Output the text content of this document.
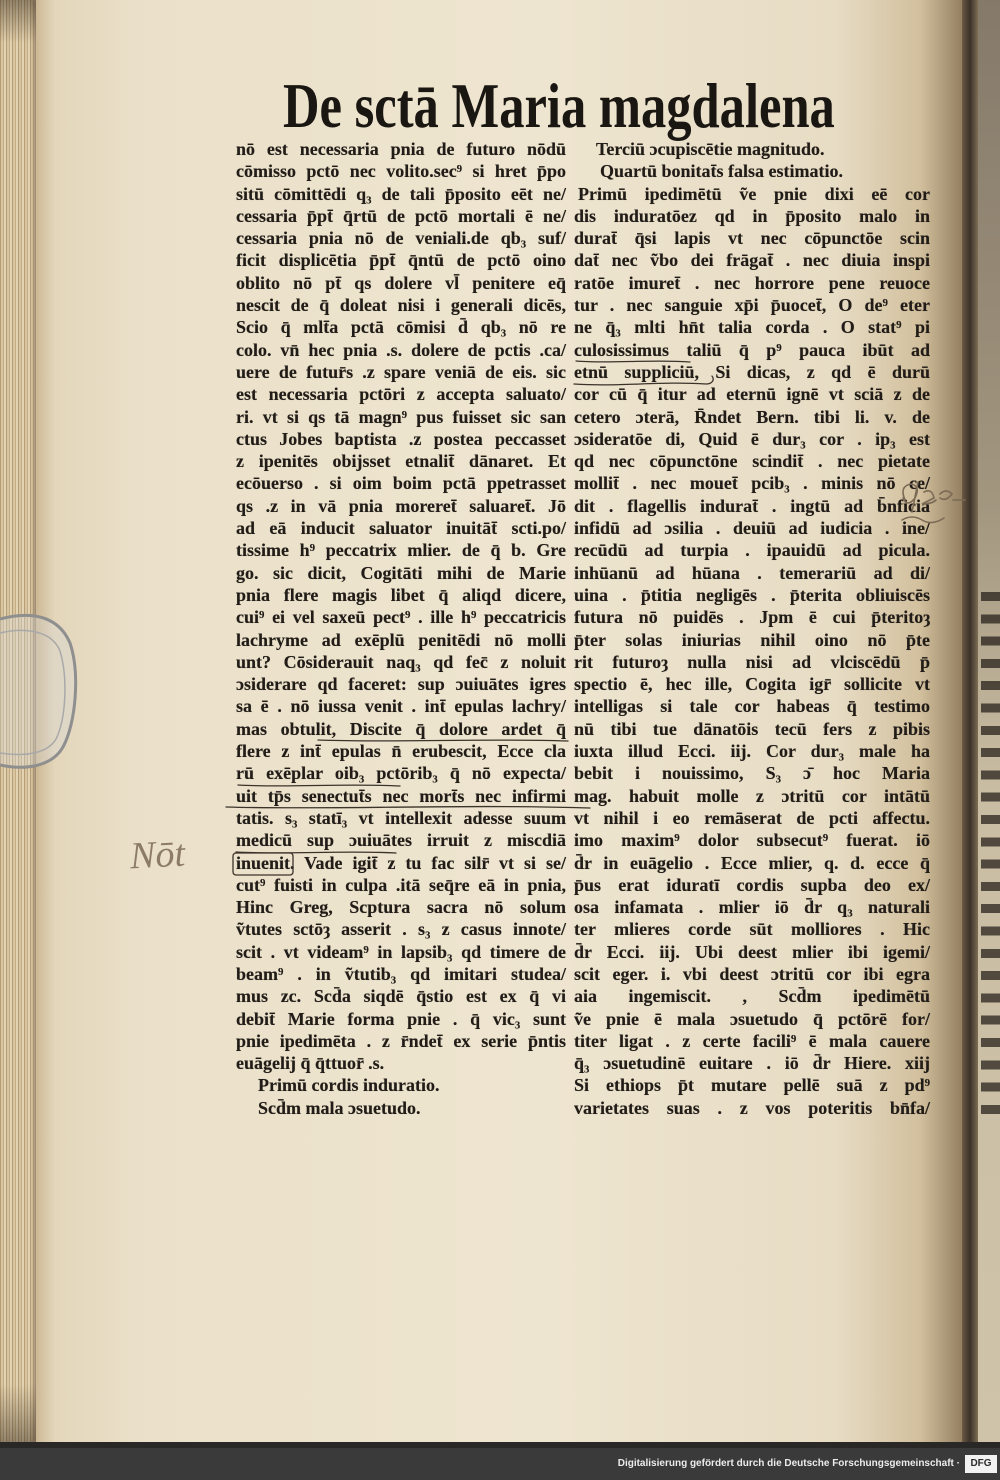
De sctā Maria magdalena
nō est necessaria pnia de futuro nōdū
cōmisso pctō nec volito.sec⁹ si hret p̄po
sitū cōmittēdi q₃ de tali p̄posito eēt ne/
cessaria p̄pt̄ q̄rtū de pctō mortali ē ne/
cessaria pnia nō de veniali.de qb₃ suf/
ficit displicētia p̄pt̄ q̄ntū de pctō oino
oblito nō pt̄ qs dolere vl̄ penitere eq̄
nescit de q̄ doleat nisi i generali dicēs,
Scio q̄ mlt̄a pctā cōmisi d̄ qb₃ nō re
colo. vn̄ hec pnia .s. dolere de pctis .ca/
uere de futur̄s .z spare veniā de eis. sic
est necessaria pctōri z accepta saluato/
ri. vt si qs tā magn⁹ pus fuisset sic san
ctus Jobes baptista .z postea peccasset
z ipenitēs obijsset etnalit̄ dānaret. Et
ecōuerso . si oim boim pctā ppetrasset
qs .z in vā pnia moreret̄ saluaret̄. Jō
ad eā inducit saluator inuitāt̄ scti.po/
tissime h⁹ peccatrix mlier. de q̄ b. Gre
go. sic dicit, Cogitāti mihi de Marie
pnia flere magis libet q̄ aliqd dicere,
cui⁹ ei vel saxeū pect⁹ . ille h⁹ peccatricis
lachryme ad exēplū penitēdi nō molli
unt? Cōsiderauit naq₃ qd fec̄ z noluit
ɔsiderare qd faceret: sup ɔuiuātes igres
sa ē . nō iussa venit . int̄ epulas lachry/
mas obtulit, Discite q̄ dolore ardet q̄
flere z int̄ epulas n̄ erubescit, Ecce cla
rū exēplar oib₃ pctōrib₃ q̄ nō expecta/
uit tp̄s senectut̄s nec mort̄s nec infirmi
tatis. s₃ statī₃ vt intellexit adesse suum
medicū sup ɔuiuātes irruit z miscdiā
inuenit. Vade igit̄ z tu fac silr̄ vt si se/
cut⁹ fuisti in culpa .itā seq̄re eā in pnia,
Hinc Greg, Scptura sacra nō solum
ṽtutes sctōȝ asserit . s₃ z casus innote/
scit . vt videam⁹ in lapsib₃ qd timere de
beam⁹ . in ṽtutib₃ qd imitari studea/
mus zc. Scd̄a siqdē q̄stio est ex q̄ vi
debit̄ Marie forma pnie . q̄ vic₃ sunt
pnie ipedimēta . z r̄ndet̄ ex serie p̄ntis
euāgelij q̄ q̄ttuor̄ .s.
Primū cordis induratio.
Scd̄m mala ɔsuetudo.
Terciū ɔcupiscētie magnitudo.
Quartū bonitat̄s falsa estimatio.
Primū ipedimētū ṽe pnie dixi eē cor
dis induratōez qd in p̄posito malo in
durat̄ q̄si lapis vt nec cōpunctōe scin
dat̄ nec ṽbo dei frāgat̄ . nec diuia inspi
ratōe imuret̄ . nec horrore pene reuoce
tur . nec sanguie xp̄i p̄uocet̄, O de⁹ eter
ne q̄₃ mlti hn̄t talia corda . O stat⁹ pi
culosissimus taliū q̄ p⁹ pauca ibūt ad
etnū suppliciū, Si dicas, z qd ē durū
cor cū q̄ itur ad eternū ignē vt sciā z de
cetero ɔterā, R̄ndet Bern. tibi li. v. de
ɔsideratōe di, Quid ē dur₃ cor . ip₃ est
qd nec cōpunctōne scindit̄ . nec pietate
mollit̄ . nec mouet̄ pcib₃ . minis nō ce/
dit . flagellis indurat̄ . ingtū ad b̄nficia
infidū ad ɔsilia . deuiū ad iudicia . ine/
recūdū ad turpia . ipauidū ad picula.
inhūanū ad hūana . temerariū ad di/
uina . p̄titia negligēs . p̄terita obliuiscēs
futura nō puidēs . Jpm ē cui p̄teritoȝ
p̄ter solas iniurias nihil oino nō p̄te
rit futuroȝ nulla nisi ad vlciscēdū p̄
spectio ē, hec ille, Cogita igr̄ sollicite vt
intelligas si tale cor habeas q̄ testimo
nū tibi tue dānatōis tecū fers z pibis
iuxta illud Ecci. iij. Cor dur₃ male ha
bebit i nouissimo, S₃ ɔ̄ hoc Maria
mag. habuit molle z ɔtritū cor intātū
vt nihil i eo remāserat de pcti affectu.
imo maxim⁹ dolor subsecut⁹ fuerat. iō
d̄r in euāgelio . Ecce mlier, q. d. ecce q̄
p̄us erat iduratī cordis supba deo ex/
osa infamata . mlier iō d̄r q₃ naturali
ter mlieres corde sūt molliores . Hic
d̄r Ecci. iij. Ubi deest mlier ibi igemi/
scit eger. i. vbi deest ɔtritū cor ibi egra
aia ingemiscit. , Scd̄m ipedimētū
ṽe pnie ē mala ɔsuetudo q̄ pctōrē for/
titer ligat . z certe facili⁹ ē mala cauere
q̄₃ ɔsuetudinē euitare . iō d̄r Hiere. xiij
Si ethiops p̄t mutare pellē suā z pd⁹
varietates suas . z vos poteritis bn̄fa/
Nōt
Digitalisierung gefördert durch die Deutsche Forschungsgemeinschaft ·	DFG
